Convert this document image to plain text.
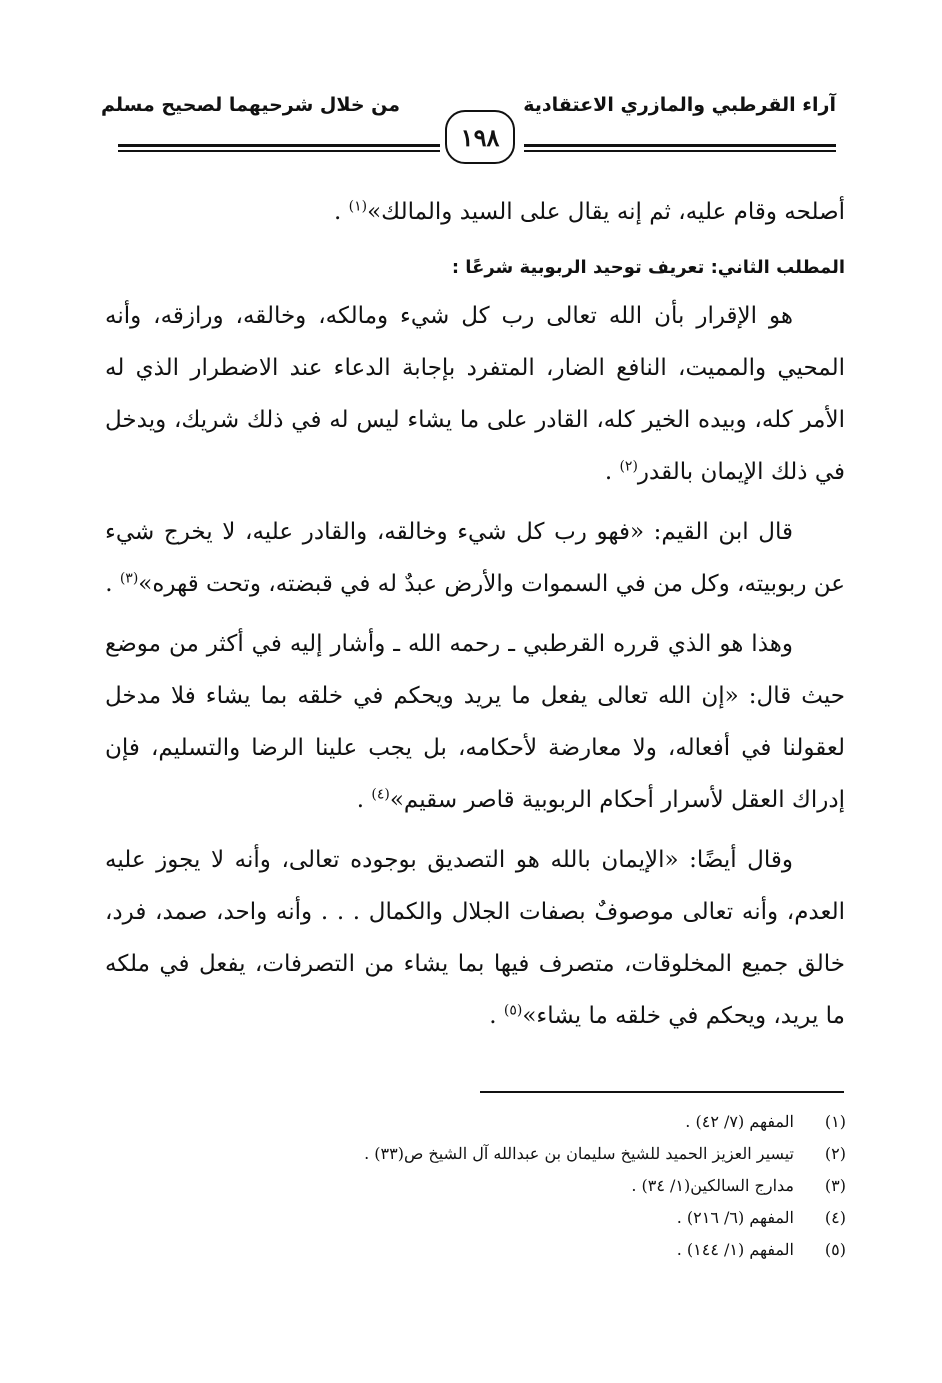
آراء القرطبي والمازري الاعتقادية
من خلال شرحيهما لصحيح مسلم
١٩٨

أصلحه وقام عليه، ثم إنه يقال على السيد والمالك»$^{(١)}$ .

المطلب الثاني: تعريف توحيد الربوبية شرعًا :

هو الإقرار بأن الله تعالى رب كل شيء ومالكه، وخالقه، ورازقه، وأنه المحيي والمميت، النافع الضار، المتفرد بإجابة الدعاء عند الاضطرار الذي له الأمر كله، وبيده الخير كله، القادر على ما يشاء ليس له في ذلك شريك، ويدخل في ذلك الإيمان بالقدر$^{(٢)}$ .

قال ابن القيم: «فهو رب كل شيء وخالقه، والقادر عليه، لا يخرج شيء عن ربوبيته، وكل من في السموات والأرض عبدٌ له في قبضته، وتحت قهره»$^{(٣)}$ .

وهذا هو الذي قرره القرطبي ـ رحمه الله ـ وأشار إليه في أكثر من موضع حيث قال: «إن الله تعالى يفعل ما يريد ويحكم في خلقه بما يشاء فلا مدخل لعقولنا في أفعاله، ولا معارضة لأحكامه، بل يجب علينا الرضا والتسليم، فإن إدراك العقل لأسرار أحكام الربوبية قاصر سقيم»$^{(٤)}$ .

وقال أيضًا: «الإيمان بالله هو التصديق بوجوده تعالى، وأنه لا يجوز عليه العدم، وأنه تعالى موصوفٌ بصفات الجلال والكمال . . . وأنه واحد، صمد، فرد، خالق جميع المخلوقات، متصرف فيها بما يشاء من التصرفات، يفعل في ملكه ما يريد، ويحكم في خلقه ما يشاء»$^{(٥)}$ .

(١)
المفهم (٧/ ٤٢) .
(٢)
تيسير العزيز الحميد للشيخ سليمان بن عبدالله آل الشيخ ص(٣٣) .
(٣)
مدارج السالكين(١/ ٣٤) .
(٤)
المفهم (٦/ ٢١٦) .
(٥)
المفهم (١/ ١٤٤) .
